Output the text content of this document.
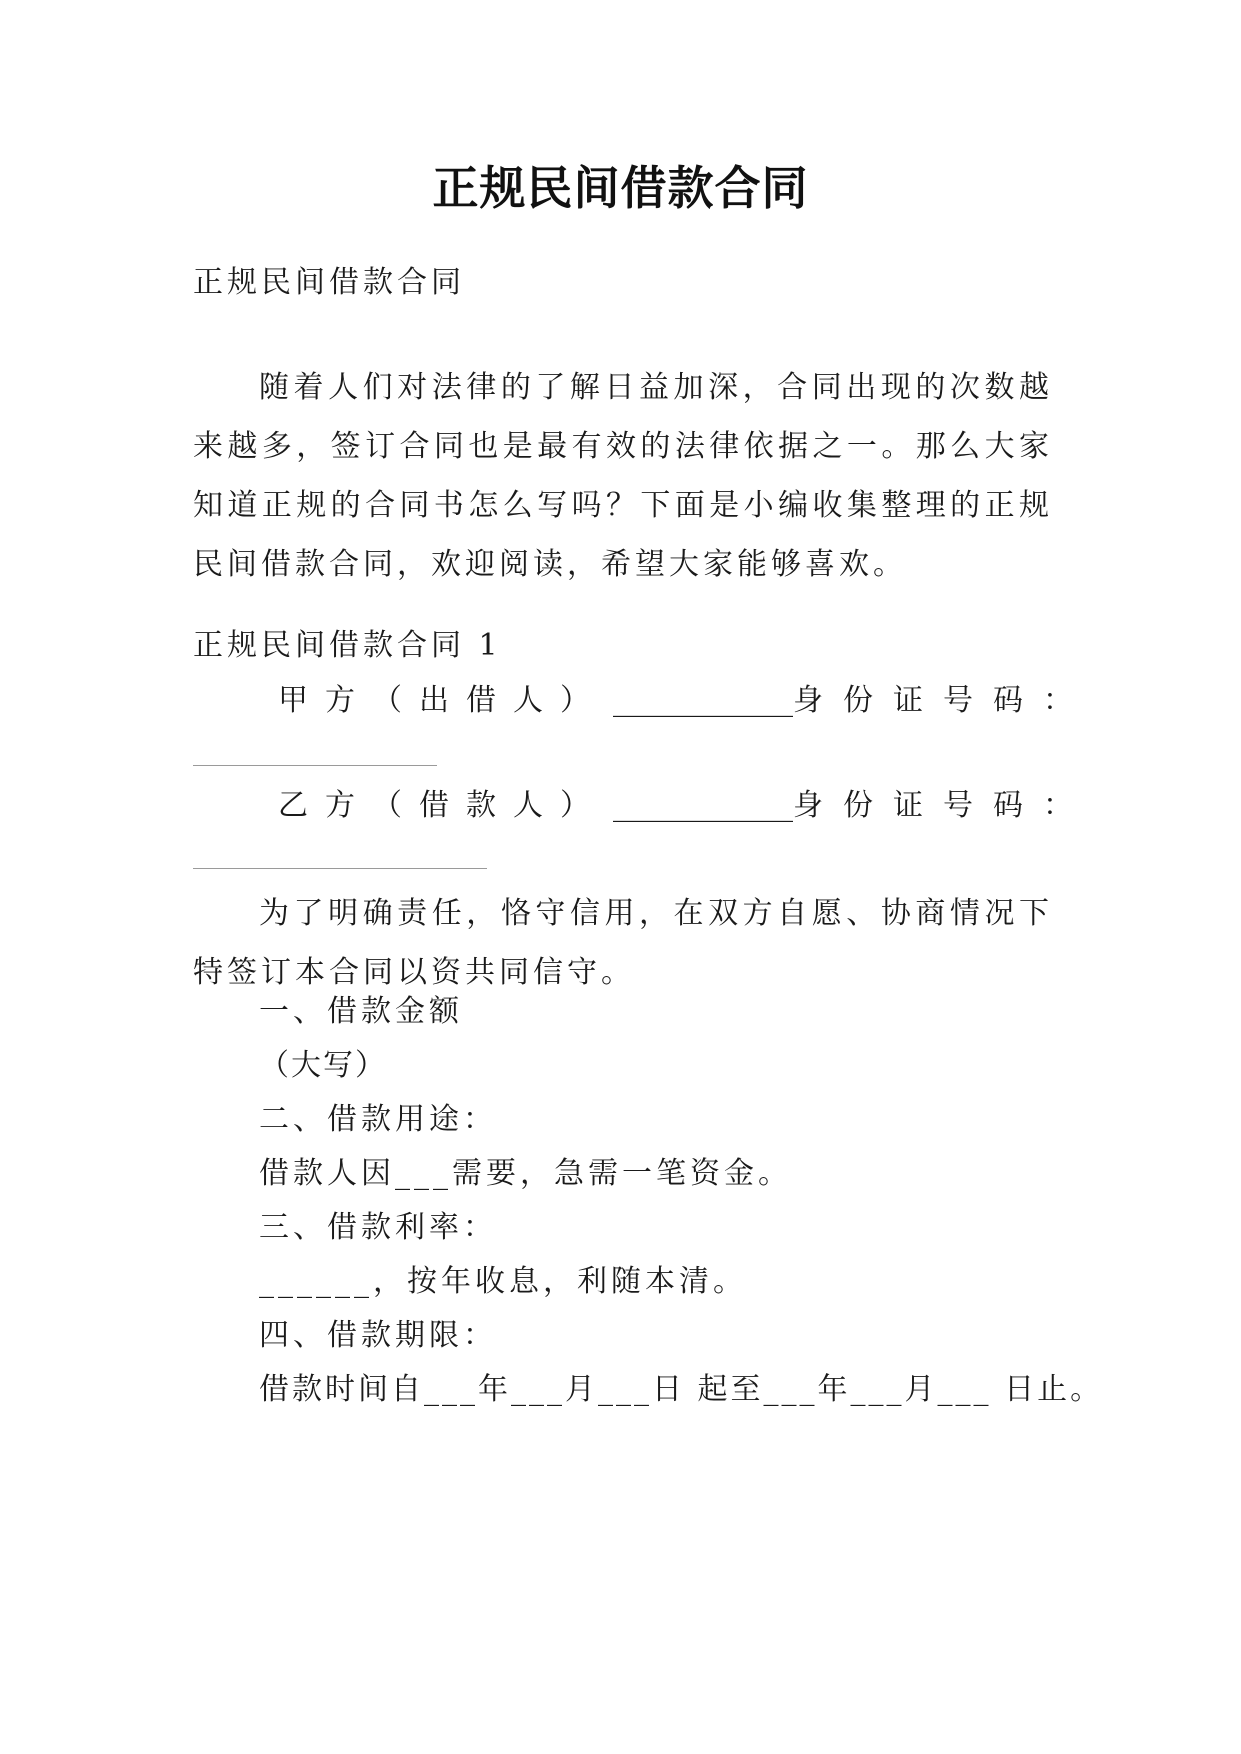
正规民间借款合同
正规民间借款合同
随着人们对法律的了解日益加深，合同出现的次数越来越多，签订合同也是最有效的法律依据之一。那么大家知道正规的合同书怎么写吗？下面是小编收集整理的正规民间借款合同，欢迎阅读，希望大家能够喜欢。
正规民间借款合同 1
甲方（出借人） ____________ 身份证号码：
乙方（借款人） ____________ 身份证号码：
为了明确责任，恪守信用，在双方自愿、协商情况下特签订本合同以资共同信守。
一、借款金额
（大写）
二、借款用途：
借款人因___需要，急需一笔资金。
三、借款利率：
______，按年收息，利随本清。
四、借款期限：
借款时间自___年___月___日 起至___年___月___ 日止。
